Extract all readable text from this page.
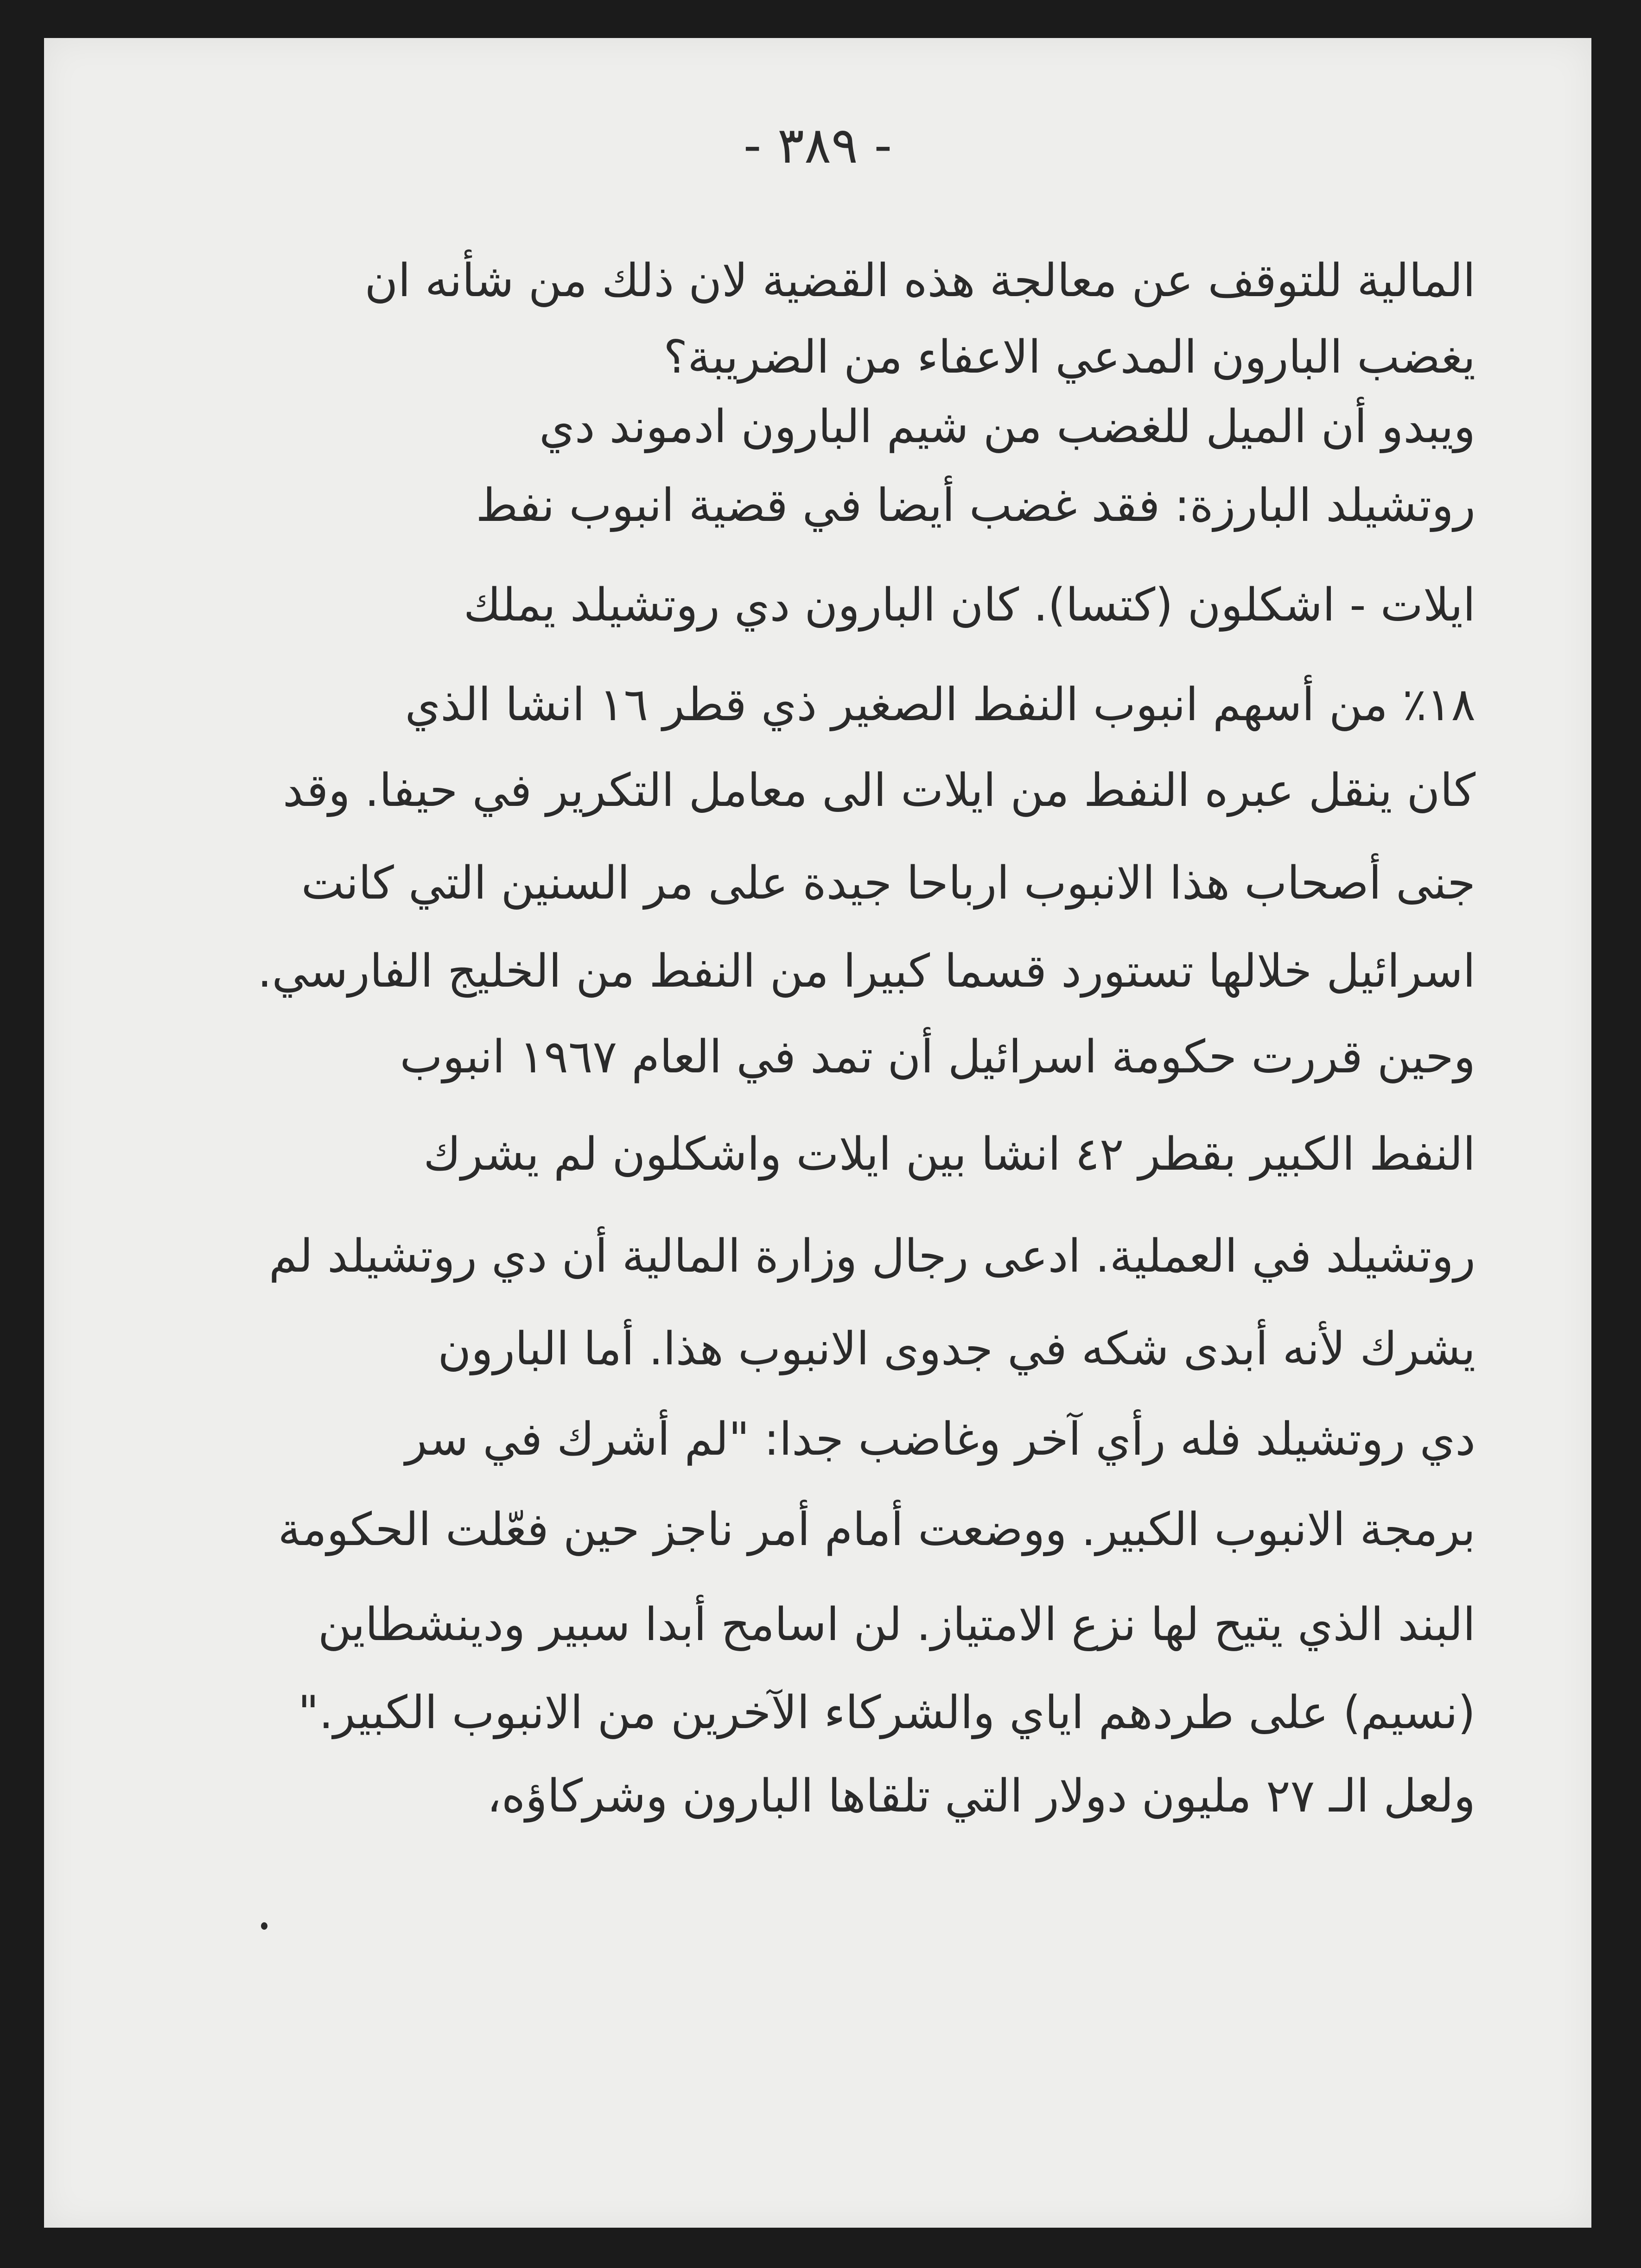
- ٣٨٩ -
المالية للتوقف عن معالجة هذه القضية لان ذلك من شأنه ان
يغضب البارون المدعي الاعفاء من الضريبة؟
ويبدو أن الميل للغضب من شيم البارون ادموند دي
روتشيلد البارزة: فقد غضب أيضا في قضية انبوب نفط
ايلات - اشكلون (كتسا). كان البارون دي روتشيلد يملك
١٨٪ من أسهم انبوب النفط الصغير ذي قطر ١٦ انشا الذي
كان ينقل عبره النفط من ايلات الى معامل التكرير في حيفا. وقد
جنى أصحاب هذا الانبوب ارباحا جيدة على مر السنين التي كانت
اسرائيل خلالها تستورد قسما كبيرا من النفط من الخليج الفارسي.
وحين قررت حكومة اسرائيل أن تمد في العام ١٩٦٧ انبوب
النفط الكبير بقطر ٤٢ انشا بين ايلات واشكلون لم يشرك
روتشيلد في العملية. ادعى رجال وزارة المالية أن دي روتشيلد لم
يشرك لأنه أبدى شكه في جدوى الانبوب هذا. أما البارون
دي روتشيلد فله رأي آخر وغاضب جدا: "لم أشرك في سر
برمجة الانبوب الكبير. ووضعت أمام أمر ناجز حين فعّلت الحكومة
البند الذي يتيح لها نزع الامتياز. لن اسامح أبدا سبير ودينشطاين
(نسيم) على طردهم اياي والشركاء الآخرين من الانبوب الكبير."
ولعل الـ ٢٧ مليون دولار التي تلقاها البارون وشركاؤه،
